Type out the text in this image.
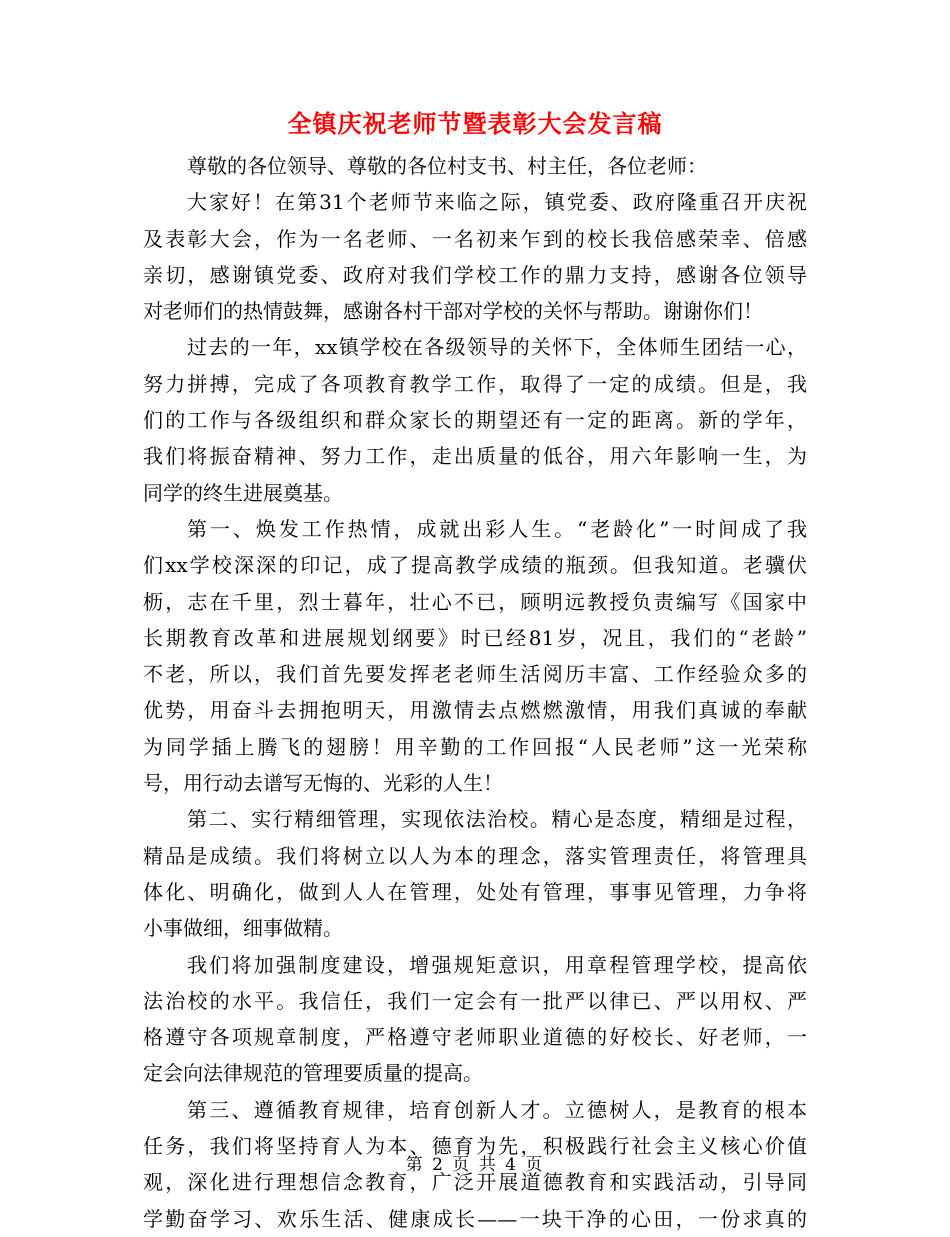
全镇庆祝老师节暨表彰大会发言稿
尊敬的各位领导、尊敬的各位村支书、村主任，各位老师：
大家好！在第31个老师节来临之际，镇党委、政府隆重召开庆祝
及表彰大会，作为一名老师、一名初来乍到的校长我倍感荣幸、倍感
亲切，感谢镇党委、政府对我们学校工作的鼎力支持，感谢各位领导
对老师们的热情鼓舞，感谢各村干部对学校的关怀与帮助。谢谢你们！
过去的一年，xx镇学校在各级领导的关怀下，全体师生团结一心，
努力拼搏，完成了各项教育教学工作，取得了一定的成绩。但是，我
们的工作与各级组织和群众家长的期望还有一定的距离。新的学年，
我们将振奋精神、努力工作，走出质量的低谷，用六年影响一生，为
同学的终生进展奠基。
第一、焕发工作热情，成就出彩人生。“老龄化”一时间成了我
们xx学校深深的印记，成了提高教学成绩的瓶颈。但我知道。老骥伏
枥，志在千里，烈士暮年，壮心不已，顾明远教授负责编写《国家中
长期教育改革和进展规划纲要》时已经81岁，况且，我们的“老龄”
不老，所以，我们首先要发挥老老师生活阅历丰富、工作经验众多的
优势，用奋斗去拥抱明天，用激情去点燃燃激情，用我们真诚的奉献
为同学插上腾飞的翅膀！用辛勤的工作回报“人民老师”这一光荣称
号，用行动去谱写无悔的、光彩的人生！
第二、实行精细管理，实现依法治校。精心是态度，精细是过程，
精品是成绩。我们将树立以人为本的理念，落实管理责任，将管理具
体化、明确化，做到人人在管理，处处有管理，事事见管理，力争将
小事做细，细事做精。
我们将加强制度建设，增强规矩意识，用章程管理学校，提高依
法治校的水平。我信任，我们一定会有一批严以律已、严以用权、严
格遵守各项规章制度，严格遵守老师职业道德的好校长、好老师，一
定会向法律规范的管理要质量的提高。
第三、遵循教育规律，培育创新人才。立德树人，是教育的根本
任务，我们将坚持育人为本、德育为先，积极践行社会主义核心价值
观，深化进行理想信念教育，广泛开展道德教育和实践活动，引导同
学勤奋学习、欢乐生活、健康成长——一块干净的心田，一份求真的
第 2 页 共 4 页
